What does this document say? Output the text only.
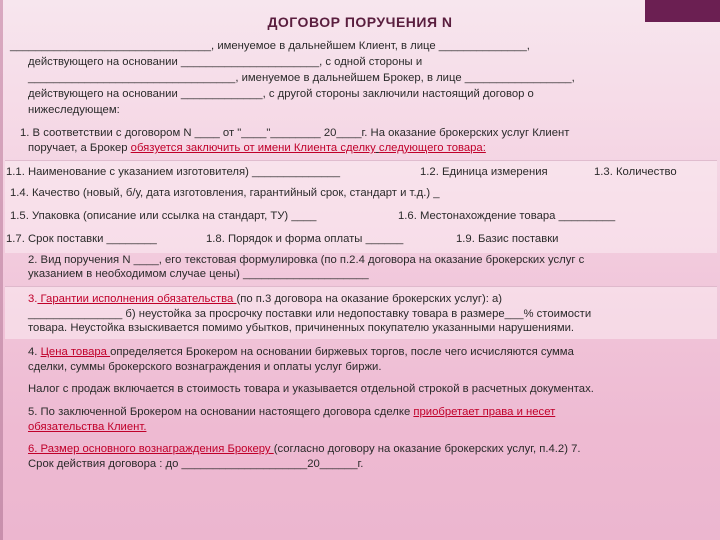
ДОГОВОР ПОРУЧЕНИЯ N
________________________________, именуемое в дальнейшем Клиент, в лице ______________,
действующего на основании ______________________, с одной стороны и
_________________________________, именуемое в дальнейшем Брокер, в лице _________________,
действующего на основании _____________, с другой стороны заключили настоящий договор о
нижеследующем:
1. В соответствии с договором N ____ от "____"________ 20____г. На оказание брокерских услуг Клиент
поручает, а Брокер обязуется заключить от имени Клиента сделку следующего товара:
1.1. Наименование с указанием изготовителя) ______________	1.2. Единица измерения	1.3. Количество
1.4. Качество (новый, б/у, дата изготовления, гарантийный срок, стандарт и т.д.) _
1.5. Упаковка (описание или ссылка на стандарт, ТУ) ____	1.6. Местонахождение товара _________
1.7. Срок поставки ________	1.8. Порядок и форма оплаты ______	1.9. Базис поставки
2. Вид поручения N ____, его текстовая формулировка (по п.2.4 договора на оказание брокерских услуг с
указанием в необходимом случае цены) ____________________
3. Гарантии исполнения обязательства (по п.3 договора на оказание брокерских услуг): а)
_______________ б) неустойка за просрочку поставки или недопоставку товара в размере___% стоимости
товара. Неустойка взыскивается помимо убытков, причиненных покупателю указанными нарушениями.
4. Цена товара определяется Брокером на основании биржевых торгов, после чего исчисляются сумма
сделки, суммы брокерского вознаграждения и оплаты услуг биржи.
Налог с продаж включается в стоимость товара и указывается отдельной строкой в расчетных документах.
5. По заключенной Брокером на основании настоящего договора сделке приобретает права и несет
обязательства Клиент.
6. Размер основного вознаграждения Брокеру (согласно договору на оказание брокерских услуг, п.4.2) 7.
Срок действия договора : до ____________________20______г.
